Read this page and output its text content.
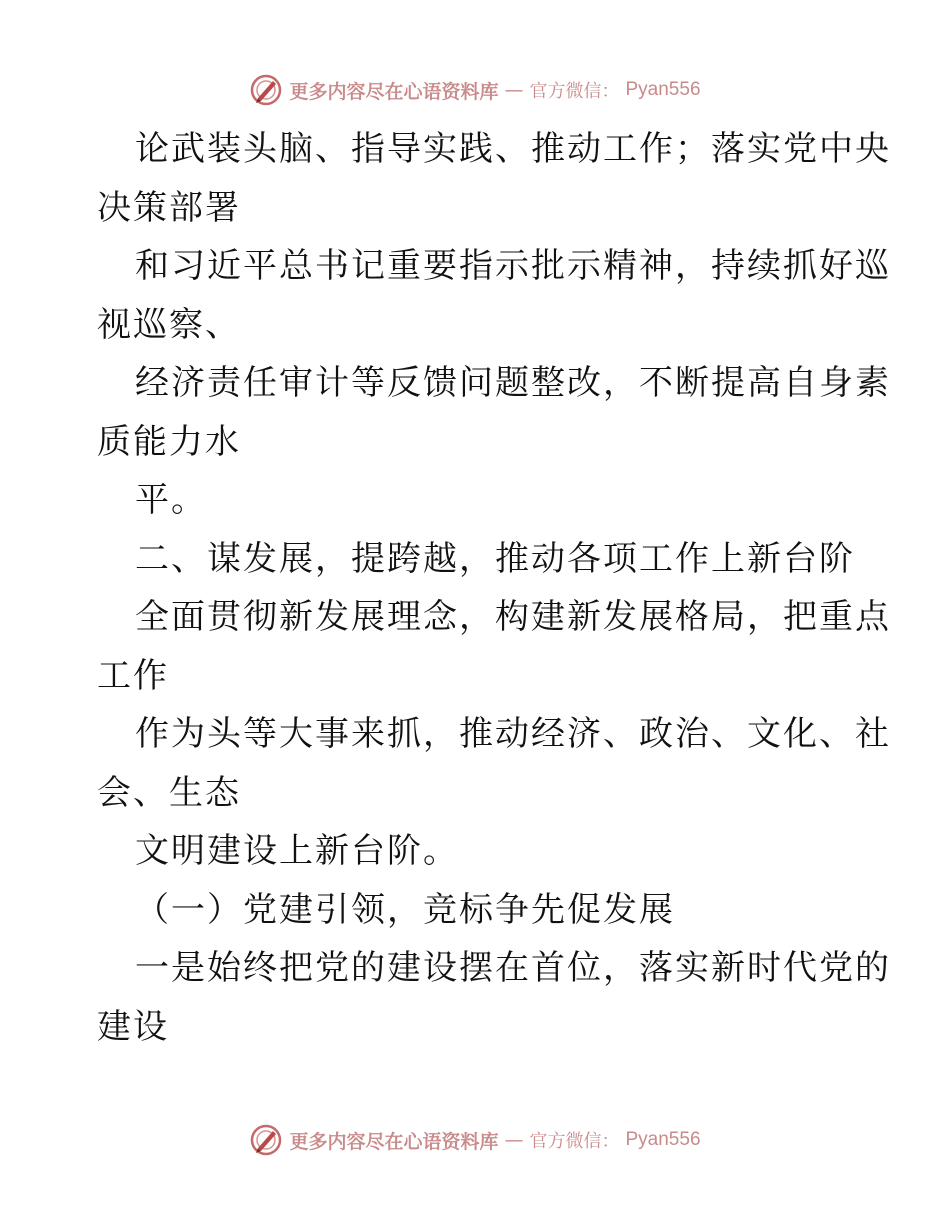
更多内容尽在心语资料库 — 官方微信： Pyan556
论武装头脑、指导实践、推动工作；落实党中央
决策部署
和习近平总书记重要指示批示精神，持续抓好巡
视巡察、
经济责任审计等反馈问题整改，不断提高自身素
质能力水
平。
二、谋发展，提跨越，推动各项工作上新台阶
全面贯彻新发展理念，构建新发展格局，把重点
工作
作为头等大事来抓，推动经济、政治、文化、社
会、生态
文明建设上新台阶。
（一）党建引领，竞标争先促发展
一是始终把党的建设摆在首位，落实新时代党的
建设
更多内容尽在心语资料库 — 官方微信： Pyan556
